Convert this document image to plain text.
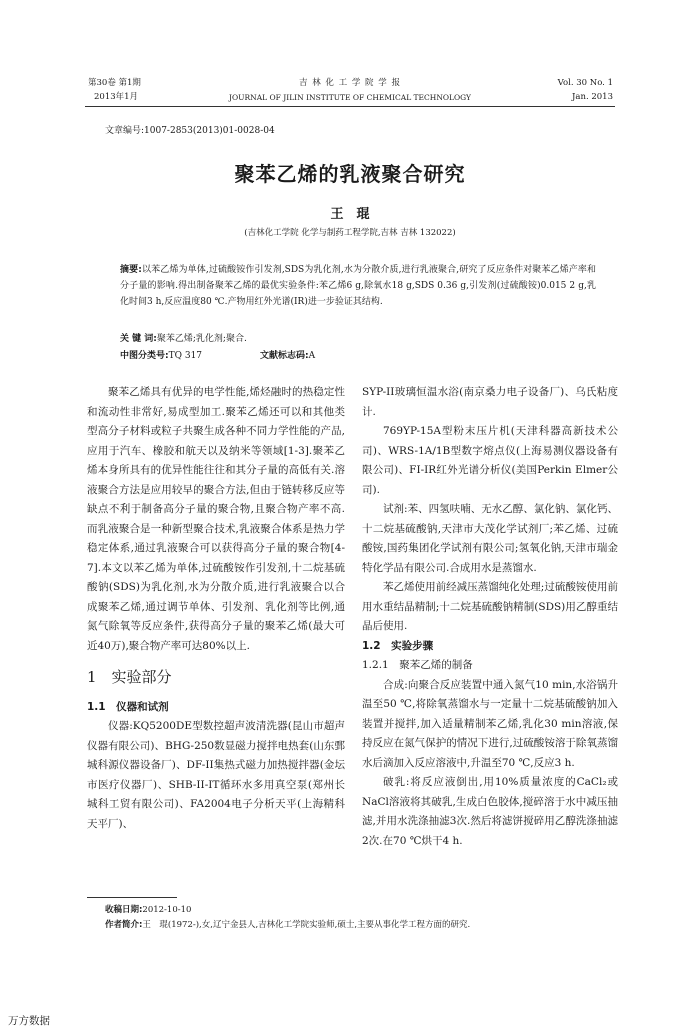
第30卷 第1期
2013年1月
吉 林 化 工 学 院 学 报
JOURNAL OF JILIN INSTITUTE OF CHEMICAL TECHNOLOGY
Vol. 30 No. 1
Jan. 2013
文章编号:1007-2853(2013)01-0028-04
聚苯乙烯的乳液聚合研究
王　琨
(吉林化工学院 化学与制药工程学院,吉林 吉林 132022)
摘要:以苯乙烯为单体,过硫酸铵作引发剂,SDS为乳化剂,水为分散介质,进行乳液聚合,研究了反应条件对聚苯乙烯产率和分子量的影响.得出制备聚苯乙烯的最优实验条件:苯乙烯6 g,除氧水18 g,SDS 0.36 g,引发剂(过硫酸铵)0.015 2 g,乳化时间3 h,反应温度80 ℃.产物用红外光谱(IR)进一步验证其结构.
关 键 词:聚苯乙烯;乳化剂;聚合.
中图分类号:TQ 317	文献标志码:A

聚苯乙烯具有优异的电学性能,烯烃融时的热稳定性和流动性非常好,易成型加工.聚苯乙烯还可以和其他类型高分子材料或粒子共聚生成各种不同力学性能的产品,应用于汽车、橡胶和航天以及纳米等领域[1-3].聚苯乙烯本身所具有的优异性能往往和其分子量的高低有关.溶液聚合方法是应用较早的聚合方法,但由于链转移反应等缺点不利于制备高分子量的聚合物,且聚合物产率不高.而乳液聚合是一种新型聚合技术,乳液聚合体系是热力学稳定体系,通过乳液聚合可以获得高分子量的聚合物[4-7].本文以苯乙烯为单体,过硫酸铵作引发剂,十二烷基硫酸钠(SDS)为乳化剂,水为分散介质,进行乳液聚合以合成聚苯乙烯,通过调节单体、引发剂、乳化剂等比例,通氮气除氧等反应条件,获得高分子量的聚苯乙烯(最大可近40万),聚合物产率可达80%以上.

1　实验部分
1.1　仪器和试剂

仪器:KQ5200DE型数控超声波清洗器(昆山市超声仪器有限公司)、BHG-250数显磁力搅拌电热套(山东鄄城科源仪器设备厂)、DF-II集热式磁力加热搅拌器(金坛市医疗仪器厂)、SHB-II-IT循环水多用真空泵(郑州长城科工贸有限公司)、FA2004电子分析天平(上海精科天平厂)、

SYP-II玻璃恒温水浴(南京桑力电子设备厂)、乌氏粘度计.

769YP-15A型粉末压片机(天津科器高新技术公司)、WRS-1A/1B型数字熔点仪(上海易测仪器设备有限公司)、FI-IR红外光谱分析仪(美国Perkin Elmer公司).

试剂:苯、四氢呋喃、无水乙醇、氯化钠、氯化钙、十二烷基硫酸钠,天津市大茂化学试剂厂;苯乙烯、过硫酸铵,国药集团化学试剂有限公司;氢氧化钠,天津市瑞金特化学品有限公司.合成用水是蒸馏水.

苯乙烯使用前经减压蒸馏纯化处理;过硫酸铵使用前用水重结晶精制;十二烷基硫酸钠精制(SDS)用乙醇重结晶后使用.

1.2　实验步骤
1.2.1　聚苯乙烯的制备

合成:向聚合反应装置中通入氮气10 min,水浴锅升温至50 ℃,将除氧蒸馏水与一定量十二烷基硫酸钠加入装置并搅拌,加入适量精制苯乙烯,乳化30 min溶液,保持反应在氮气保护的情况下进行,过硫酸铵溶于除氧蒸馏水后滴加入反应溶液中,升温至70 ℃,反应3 h.

破乳:将反应液倒出,用10%质量浓度的CaCl₂或NaCl溶液将其破乳,生成白色胶体,搅碎溶于水中减压抽滤,并用水洗涤抽滤3次.然后将滤饼搅碎用乙醇洗涤抽滤2次.在70 ℃烘干4 h.

收稿日期:2012-10-10
作者简介:王　琨(1972-),女,辽宁金县人,吉林化工学院实验师,硕士,主要从事化学工程方面的研究.
万方数据
